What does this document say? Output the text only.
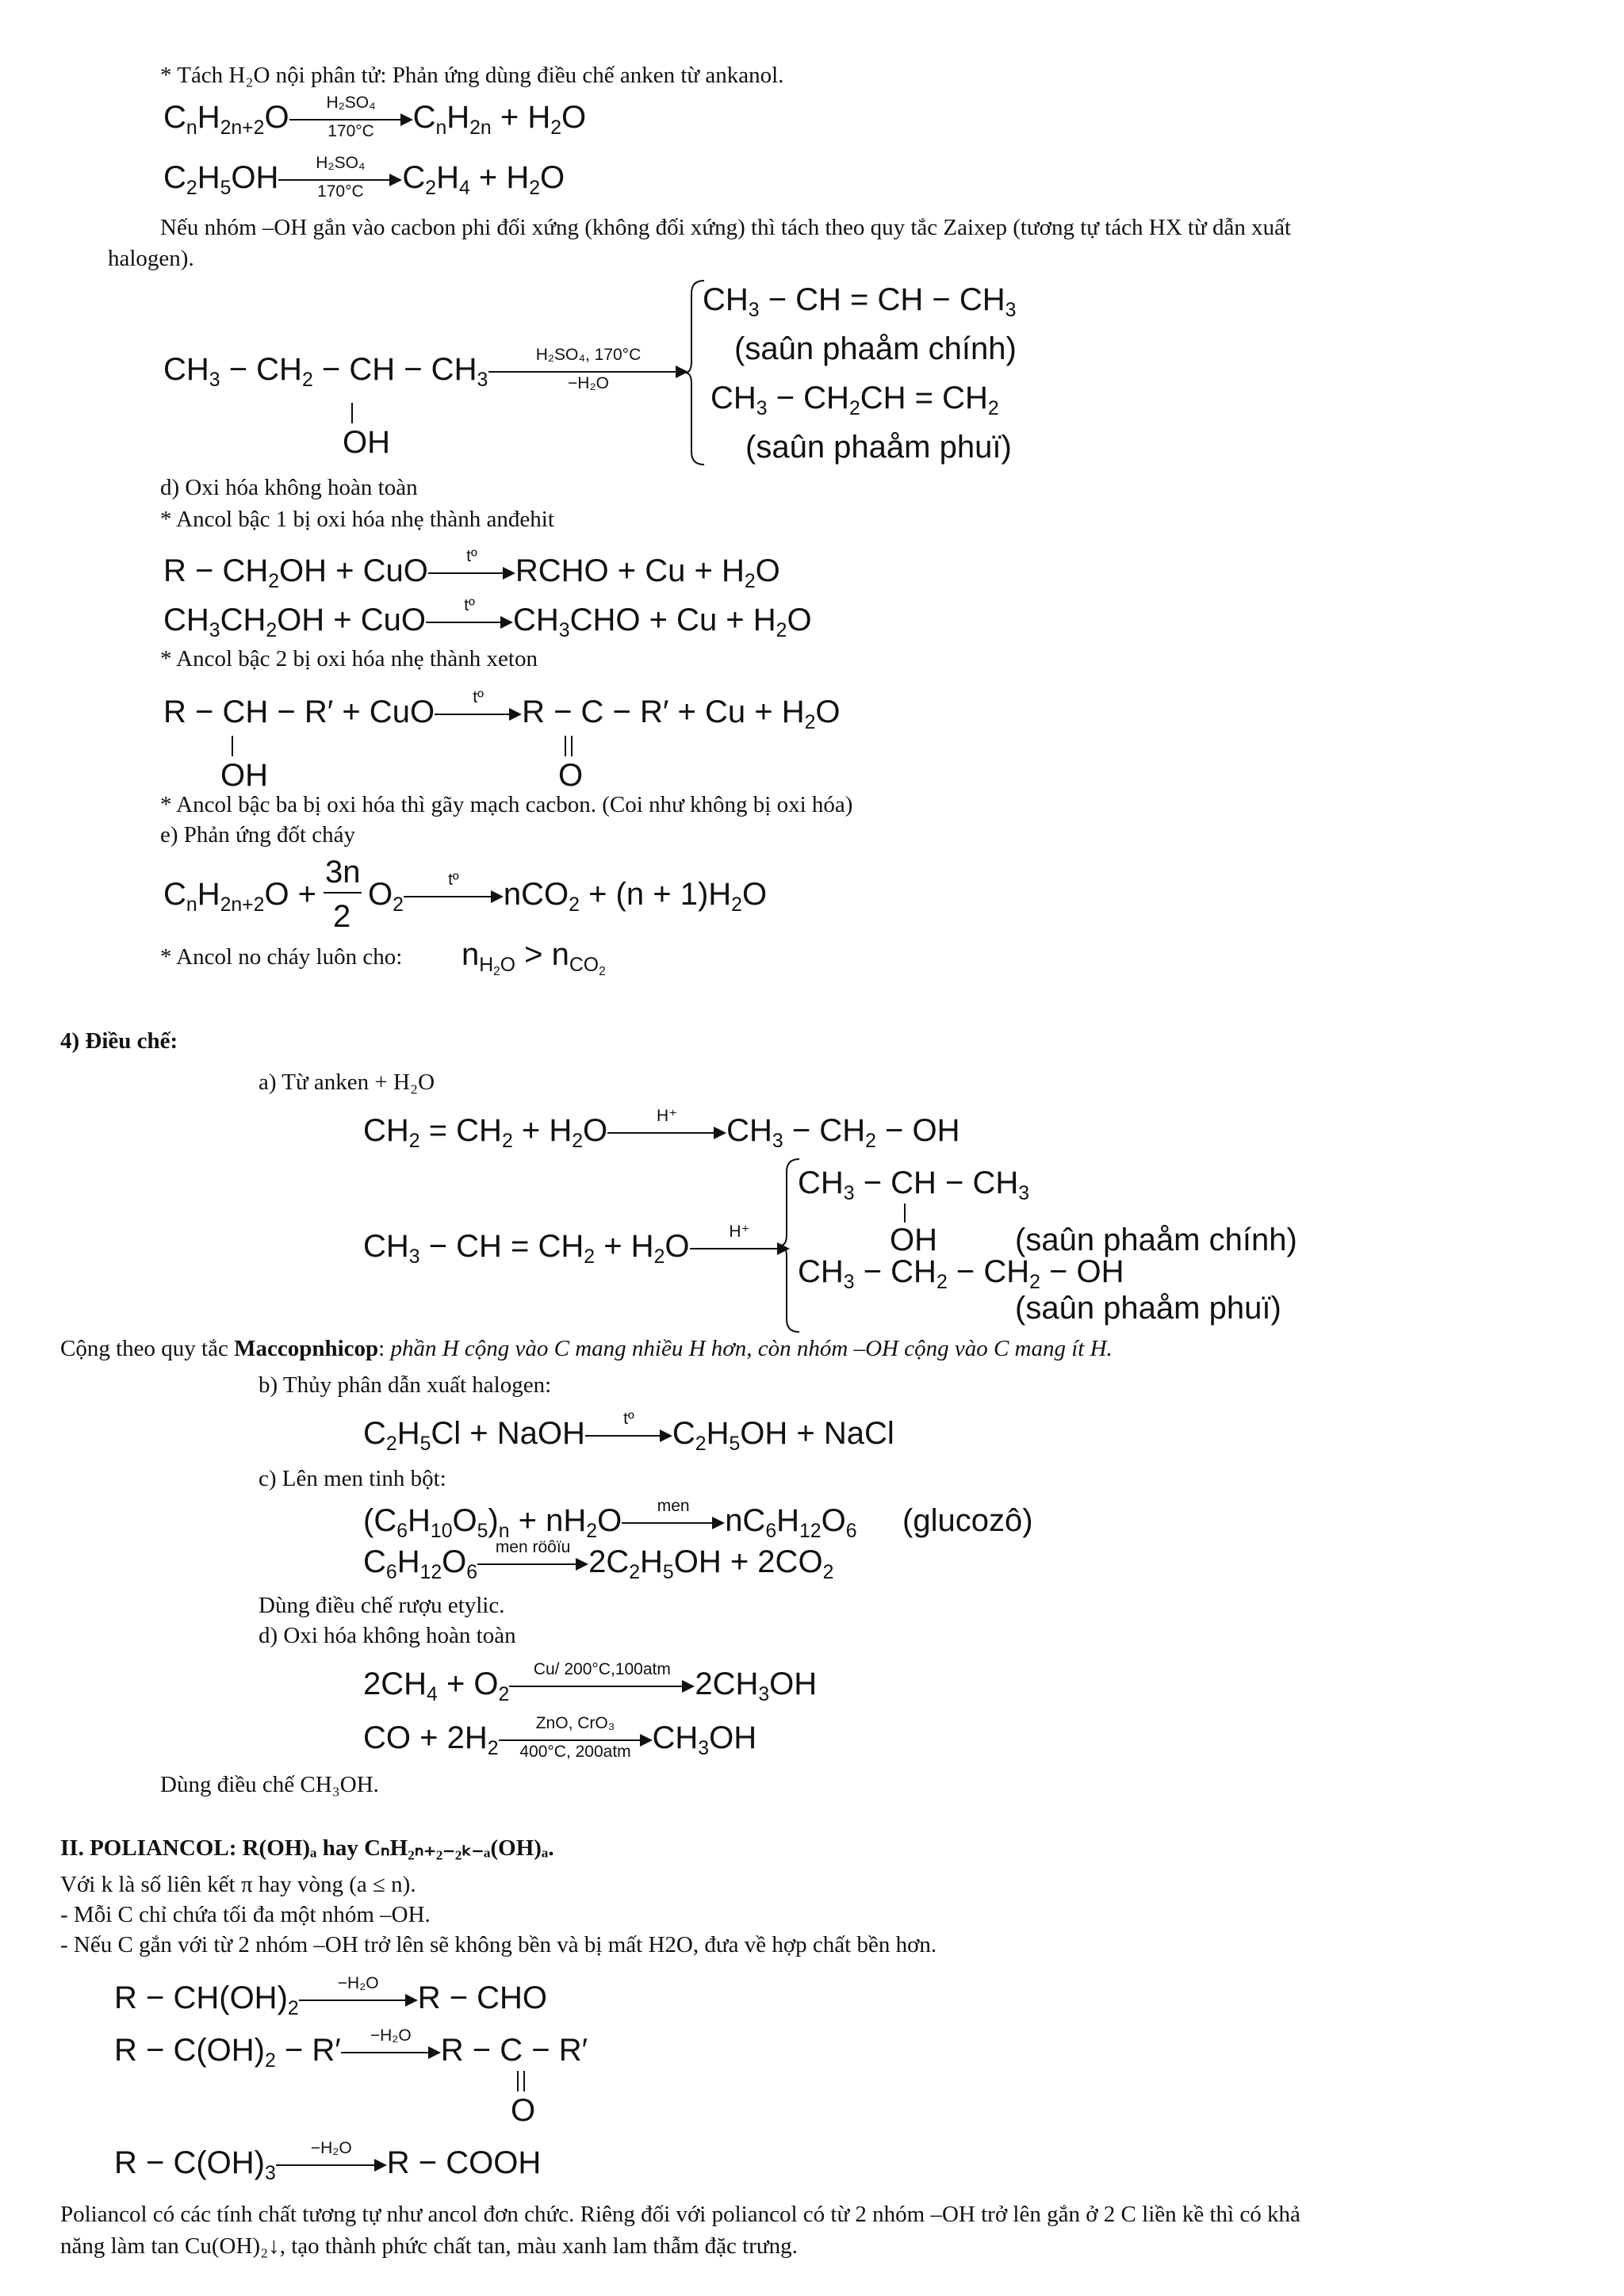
* Tách H₂O nội phân tử: Phản ứng dùng điều chế anken từ ankanol.
$C_nH_{2n+2}O \frac{\text{H₂SO₄}}{170^\circ C} C_nH_{2n} + H_2O$
$C_2H_5OH \frac{\text{H₂SO₄}}{170^\circ C} C_2H_4 + H_2O$
Nếu nhóm –OH gắn vào cacbon phi đối xứng (không đối xứng) thì tách theo quy tắc Zaixep (tương tự tách HX từ dẫn xuất
halogen).
$CH_3 - CH_2$ − CH − $CH_3$
OH
$\frac{\text{H₂SO₄, 170°C}}{\text{−H₂O}}$
$CH_3$ − CH = CH − $CH_3$
(saûn phaåm chính)
$CH_3 - CH_2CH = CH_2$
(saûn phaåm phuï)
d) Oxi hóa không hoàn toàn
* Ancol bậc 1 bị oxi hóa nhẹ thành anđehit
$R - CH_2OH$ + CuO	tº	RCHO + $Cu + H_2O$
$CH_3CH_2OH$ + CuO	tº	$CH_3CHO + Cu + H_2O$
* Ancol bậc 2 bị oxi hóa nhẹ thành xeton
R − CH − R′ + CuO	tº	$R - C - R' + Cu + H_2O$
OH	O
* Ancol bậc ba bị oxi hóa thì gãy mạch cacbon. (Coi như không bị oxi hóa)
e) Phản ứng đốt cháy
$C_nH_{2n+2}O$ +
3n
2
$O_2$
tº	$nCO_2 + (n + 1)H_2O$
* Ancol no cháy luôn cho: $n_{H_2O} > n_{CO_2}$
4) Điều chế:
a) Từ anken + H₂O
$CH_2 = CH_2 + H_2O$	H⁺	$CH_3 - CH_2$ − OH
$CH_3$ − CH = $CH_2 + H_2O$	H⁺
$CH_3$ − CH − $CH_3$
OH (saûn phaåm chính)
$CH_3 - CH_2 - CH_2$ − OH
(saûn phaåm phuï)
Cộng theo quy tắc Maccopnhicop: phần H cộng vào C mang nhiều H hơn, còn nhóm –OH cộng vào C mang ít H.
b) Thủy phân dẫn xuất halogen:
$C_2H_5Cl$ + NaOH	tº	$C_2H_5OH$ + NaCl
c) Lên men tinh bột:
$(C_6H_{10}O_5)_n + nH_2O$	men	$nC_6H_{12}O_6$ (glucozô)
$C_6H_{12}O_6$
men röôïu $2C_2H_5OH + 2CO_2$
Dùng điều chế rượu etylic.
d) Oxi hóa không hoàn toàn
$2CH_4 + O_2$
Cu/ 200°C,100atm $2CH_3OH$
CO + $2H_2$
ZnO, CrO₃
400°C, 200atm $CH_3OH$
Dùng điều chế CH₃OH.
II. POLIANCOL: R(OH)ₐ hay CₙH₂ₙ₊₂₋₂ₖ₋ₐ(OH)ₐ.
Với k là số liên kết π hay vòng (a ≤ n).
- Mỗi C chỉ chứa tối đa một nhóm –OH.
- Nếu C gắn với từ 2 nhóm –OH trở lên sẽ không bền và bị mất H2O, đưa về hợp chất bền hơn.
$R - CH(OH)_2$
−H₂O	R − CHO
$R - C(OH)_2 - R'$	−H₂O R − C − R′
O
$R - C(OH)_3$
−H₂O	R − COOH
Poliancol có các tính chất tương tự như ancol đơn chức. Riêng đối với poliancol có từ 2 nhóm –OH trở lên gắn ở 2 C liền kề thì có khả
năng làm tan Cu(OH)₂↓, tạo thành phức chất tan, màu xanh lam thẫm đặc trưng.
